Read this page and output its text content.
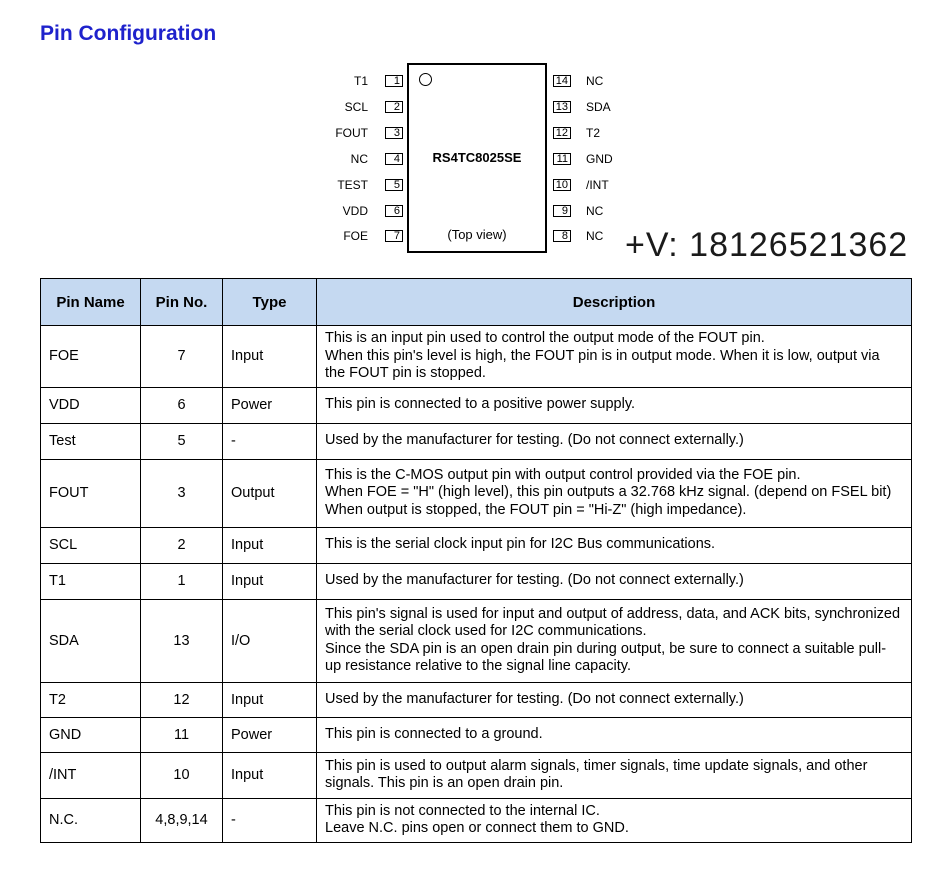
Pin Configuration
RS4TC8025SE
(Top view)
T1	1
SCL	2
FOUT	3
NC	4
TEST	5
VDD	6
FOE	7
NC
14
SDA
13
T2
12
GND
11
/INT
10
NC
9
NC
8 +V: 18126521362
Pin Name	Pin No.	Type	Description
FOE	7	Input	This is an input pin used to control the output mode of the FOUT pin.
When this pin's level is high, the FOUT pin is in output mode. When it is low, output via
the FOUT pin is stopped.

VDD	6	Power	This pin is connected to a positive power supply.

Test	5	-	Used by the manufacturer for testing. (Do not connect externally.)

FOUT	3	Output	This is the C-MOS output pin with output control provided via the FOE pin.
When FOE = "H" (high level), this pin outputs a 32.768 kHz signal. (depend on FSEL bit)
When output is stopped, the FOUT pin = "Hi-Z" (high impedance).

SCL	2	Input	This is the serial clock input pin for I2C Bus communications.

T1	1	Input	Used by the manufacturer for testing. (Do not connect externally.)

SDA	13	I/O	This pin's signal is used for input and output of address, data, and ACK bits, synchronized
with the serial clock used for I2C communications.
Since the SDA pin is an open drain pin during output, be sure to connect a suitable pull-
up resistance relative to the signal line capacity.

T2	12	Input	Used by the manufacturer for testing. (Do not connect externally.)

GND	11	Power	This pin is connected to a ground.

/INT	10	Input	This pin is used to output alarm signals, timer signals, time update signals, and other
signals. This pin is an open drain pin.

N.C.	4,8,9,14	-	This pin is not connected to the internal IC.
Leave N.C. pins open or connect them to GND.
